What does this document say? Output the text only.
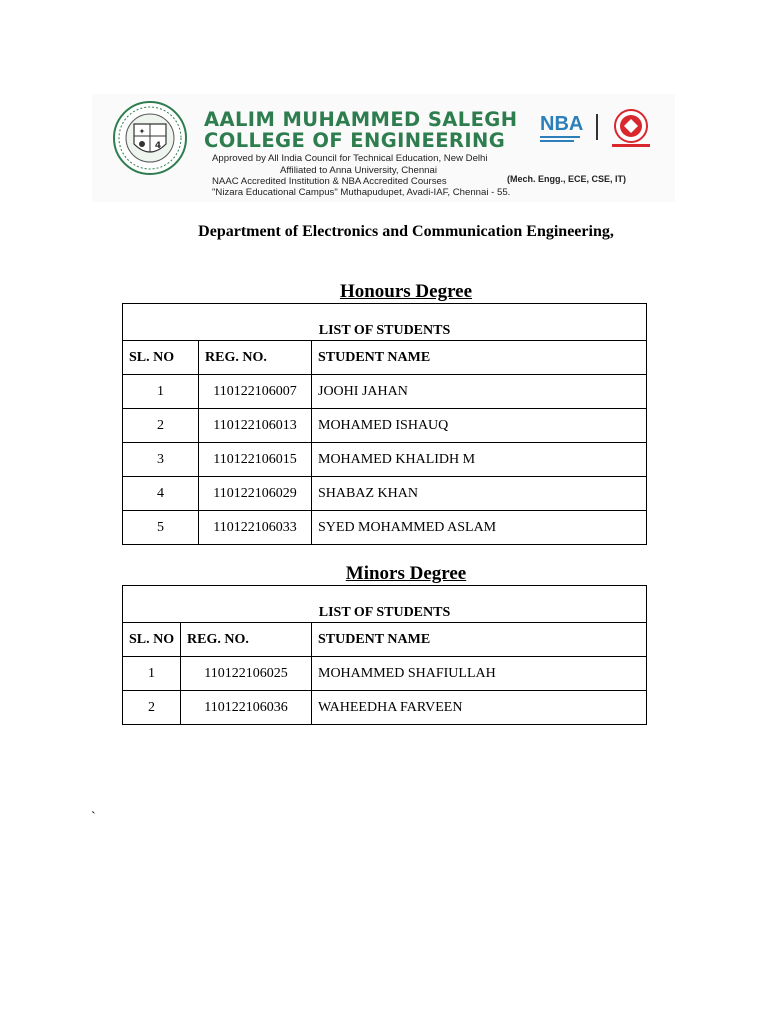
✦
4
AALIM MUHAMMED SALEGH
COLLEGE OF ENGINEERING
Approved by All India Council for Technical Education, New Delhi
Affiliated to Anna University, Chennai
NAAC Accredited Institution & NBA Accredited Courses
"Nizara Educational Campus" Muthapudupet, Avadi-IAF, Chennai - 55.
(Mech. Engg., ECE, CSE, IT)
NBA
Department of Electronics and Communication Engineering,
Honours Degree
LIST OF STUDENTS		
SL. NO	REG. NO.	STUDENT NAME
1	110122106007	JOOHI JAHAN
2	110122106013	MOHAMED ISHAUQ
3	110122106015	MOHAMED KHALIDH M
4	110122106029	SHABAZ KHAN
5	110122106033	SYED MOHAMMED ASLAM
Minors Degree
LIST OF STUDENTS		
SL. NO	REG. NO.	STUDENT NAME
1	110122106025	MOHAMMED SHAFIULLAH
2	110122106036	WAHEEDHA FARVEEN
`
